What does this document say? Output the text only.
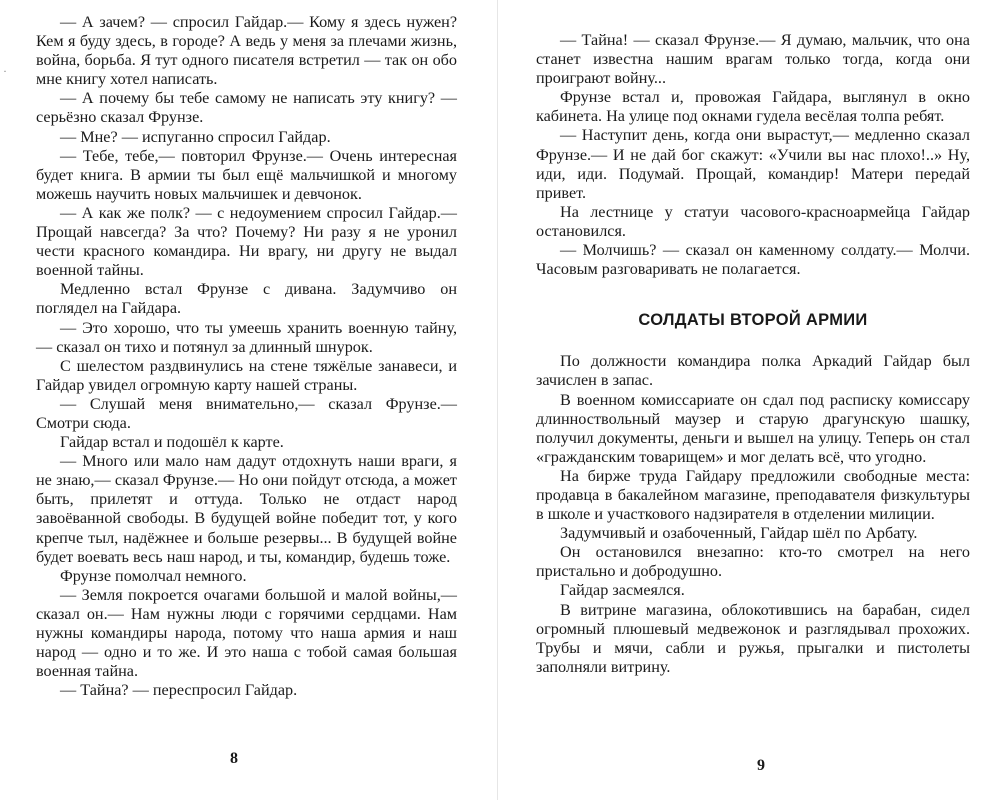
·

— А зачем? — спросил Гайдар.— Кому я здесь нужен? Кем я буду здесь, в городе? А ведь у меня за плечами жизнь, война, борьба. Я тут одного писателя встретил — так он обо мне книгу хотел написать.

— А почему бы тебе самому не написать эту книгу? — серьёзно сказал Фрунзе.

— Мне? — испуганно спросил Гайдар.

— Тебе, тебе,— повторил Фрунзе.— Очень интересная будет книга. В армии ты был ещё мальчишкой и многому можешь научить новых мальчишек и девчонок.

— А как же полк? — с недоумением спросил Гайдар.— Прощай навсегда? За что? Почему? Ни разу я не уронил чести красного командира. Ни врагу, ни другу не выдал военной тайны.

Медленно встал Фрунзе с дивана. Задумчиво он поглядел на Гайдара.

— Это хорошо, что ты умеешь хранить военную тайну,— сказал он тихо и потянул за длинный шнурок.

С шелестом раздвинулись на стене тяжёлые занавеси, и Гайдар увидел огромную карту нашей страны.

— Слушай меня внимательно,— сказал Фрунзе.— Смотри сюда.

Гайдар встал и подошёл к карте.

— Много или мало нам дадут отдохнуть наши враги, я не знаю,— сказал Фрунзе.— Но они пойдут отсюда, а может быть, прилетят и оттуда. Только не отдаст народ завоёванной свободы. В будущей войне победит тот, у кого крепче тыл, надёжнее и больше резервы... В будущей войне будет воевать весь наш народ, и ты, командир, будешь тоже.

Фрунзе помолчал немного.

— Земля покроется очагами большой и малой войны,— сказал он.— Нам нужны люди с горячими сердцами. Нам нужны командиры народа, потому что наша армия и наш народ — одно и то же. И это наша с тобой самая большая военная тайна.

— Тайна? — переспросил Гайдар.

8

— Тайна! — сказал Фрунзе.— Я думаю, мальчик, что она станет известна нашим врагам только тогда, когда они проиграют войну...

Фрунзе встал и, провожая Гайдара, выглянул в окно кабинета. На улице под окнами гудела весёлая толпа ребят.

— Наступит день, когда они вырастут,— медленно сказал Фрунзе.— И не дай бог скажут: «Учили вы нас плохо!..» Ну, иди, иди. Подумай. Прощай, командир! Матери передай привет.

На лестнице у статуи часового-красноармейца Гайдар остановился.

— Молчишь? — сказал он каменному солдату.— Молчи. Часовым разговаривать не полагается.

СОЛДАТЫ ВТОРОЙ АРМИИ

По должности командира полка Аркадий Гайдар был зачислен в запас.

В военном комиссариате он сдал под расписку комиссару длинноствольный маузер и старую драгунскую шашку, получил документы, деньги и вышел на улицу. Теперь он стал «гражданским товарищем» и мог делать всё, что угодно.

На бирже труда Гайдару предложили свободные места: продавца в бакалейном магазине, преподавателя физкультуры в школе и участкового надзирателя в отделении милиции.

Задумчивый и озабоченный, Гайдар шёл по Арбату.

Он остановился внезапно: кто-то смотрел на него пристально и добродушно.

Гайдар засмеялся.

В витрине магазина, облокотившись на барабан, сидел огромный плюшевый медвежонок и разглядывал прохожих. Трубы и мячи, сабли и ружья, прыгалки и пистолеты заполняли витрину.

9
